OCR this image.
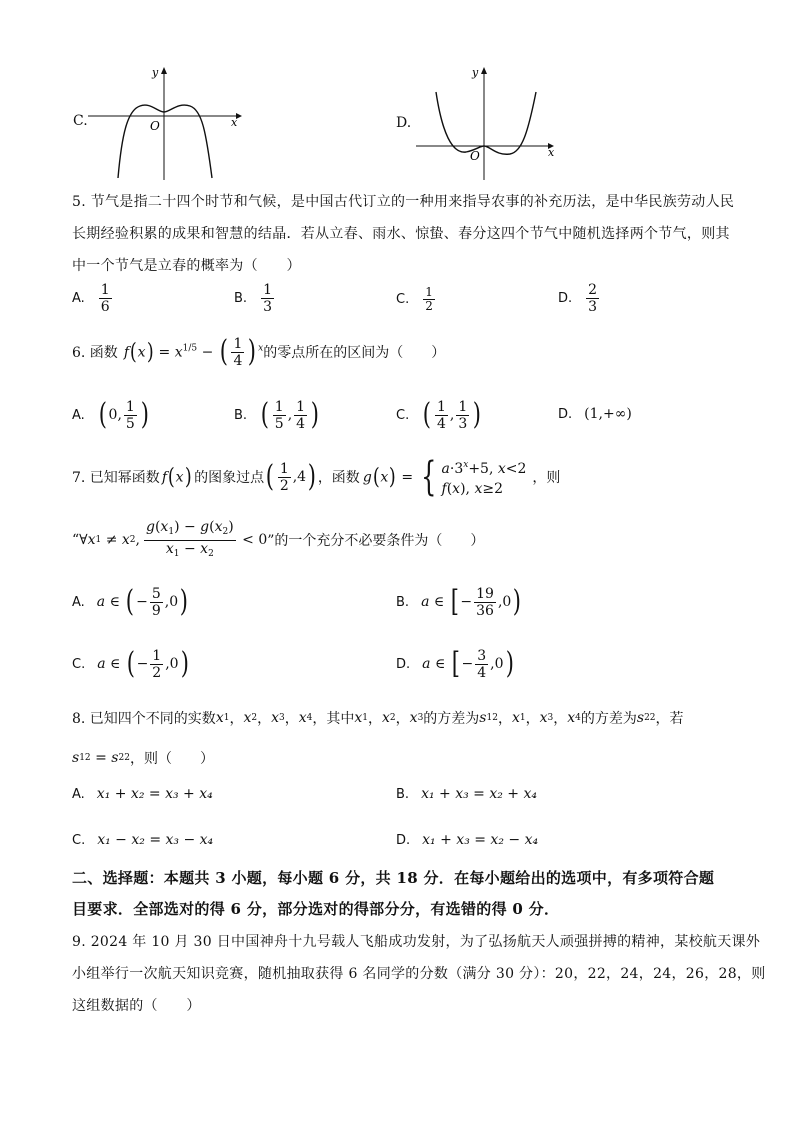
C.	x
y
O	D.
x
y
O
5. 节气是指二十四个时节和气候，是中国古代订立的一种用来指导农事的补充历法，是中华民族劳动人民
长期经验积累的成果和智慧的结晶．若从立春、雨水、惊蛰、春分这四个节气中随机选择两个节气，则其
中一个节气是立春的概率为（　　）
A. $\frac{1}{6}$	B. $\frac{1}{3}$	C. $\frac{1}{2}$	D. $\frac{2}{3}$
6. 函数 $f(x) = x^{1/5}$ − ( $\frac{1}{4}$ ) $^x$ 的零点所在的区间为（　　）
A. ( 0 , $\frac{1}{5}$ )	B. ( $\frac{1}{5}$ , $\frac{1}{4}$ )	C. ( $\frac{1}{4}$ , $\frac{1}{3}$ )	D. (1,+∞)
7. 已知幂函数 f(x) 的图象过点 ( $\frac{1}{2} ,4$ ) ，函数 g(x) = { $a\cdot 3^x+5$, x<2
f(x), x≥2
，则
“∀ x 1 ≠ x 2 , $\frac{g(x_1) - g(x_2)}{x_1 - x_2} < 0$ ”的一个充分不必要条件为（　　）
A. a ∈ ( − $\frac{5}{9} ,0$ )	B. a ∈ [ − $\frac{19}{36} ,0$ )
C. a ∈ ( − $\frac{1}{2} ,0$ )	D. a ∈ [ − $\frac{3}{4} ,0$ )
8. 已知四个不同的实数 x 1 ， x 2 ， x 3 ， x 4 ，其中 x 1 ， x 2 ， x 3 的方差为 s 1 2 ， x 1 ， x 3 ， x 4 的方差为 s 2 2 ，若
s 1 2 = s 2 2 ，则（　　）
A. x₁ + x₂ = x₃ + x₄	B. x₁ + x₃ = x₂ + x₄
C. x₁ − x₂ = x₃ − x₄	D. x₁ + x₃ = x₂ − x₄
二、选择题：本题共 3 小题，每小题 6 分，共 18 分．在每小题给出的选项中，有多项符合题
目要求．全部选对的得 6 分，部分选对的得部分分，有选错的得 0 分．
9. 2024 年 10 月 30 日中国神舟十九号载人飞船成功发射，为了弘扬航天人顽强拼搏的精神，某校航天课外
小组举行一次航天知识竞赛，随机抽取获得 6 名同学的分数（满分 30 分）：20，22，24，24，26，28，则
这组数据的（　　）
